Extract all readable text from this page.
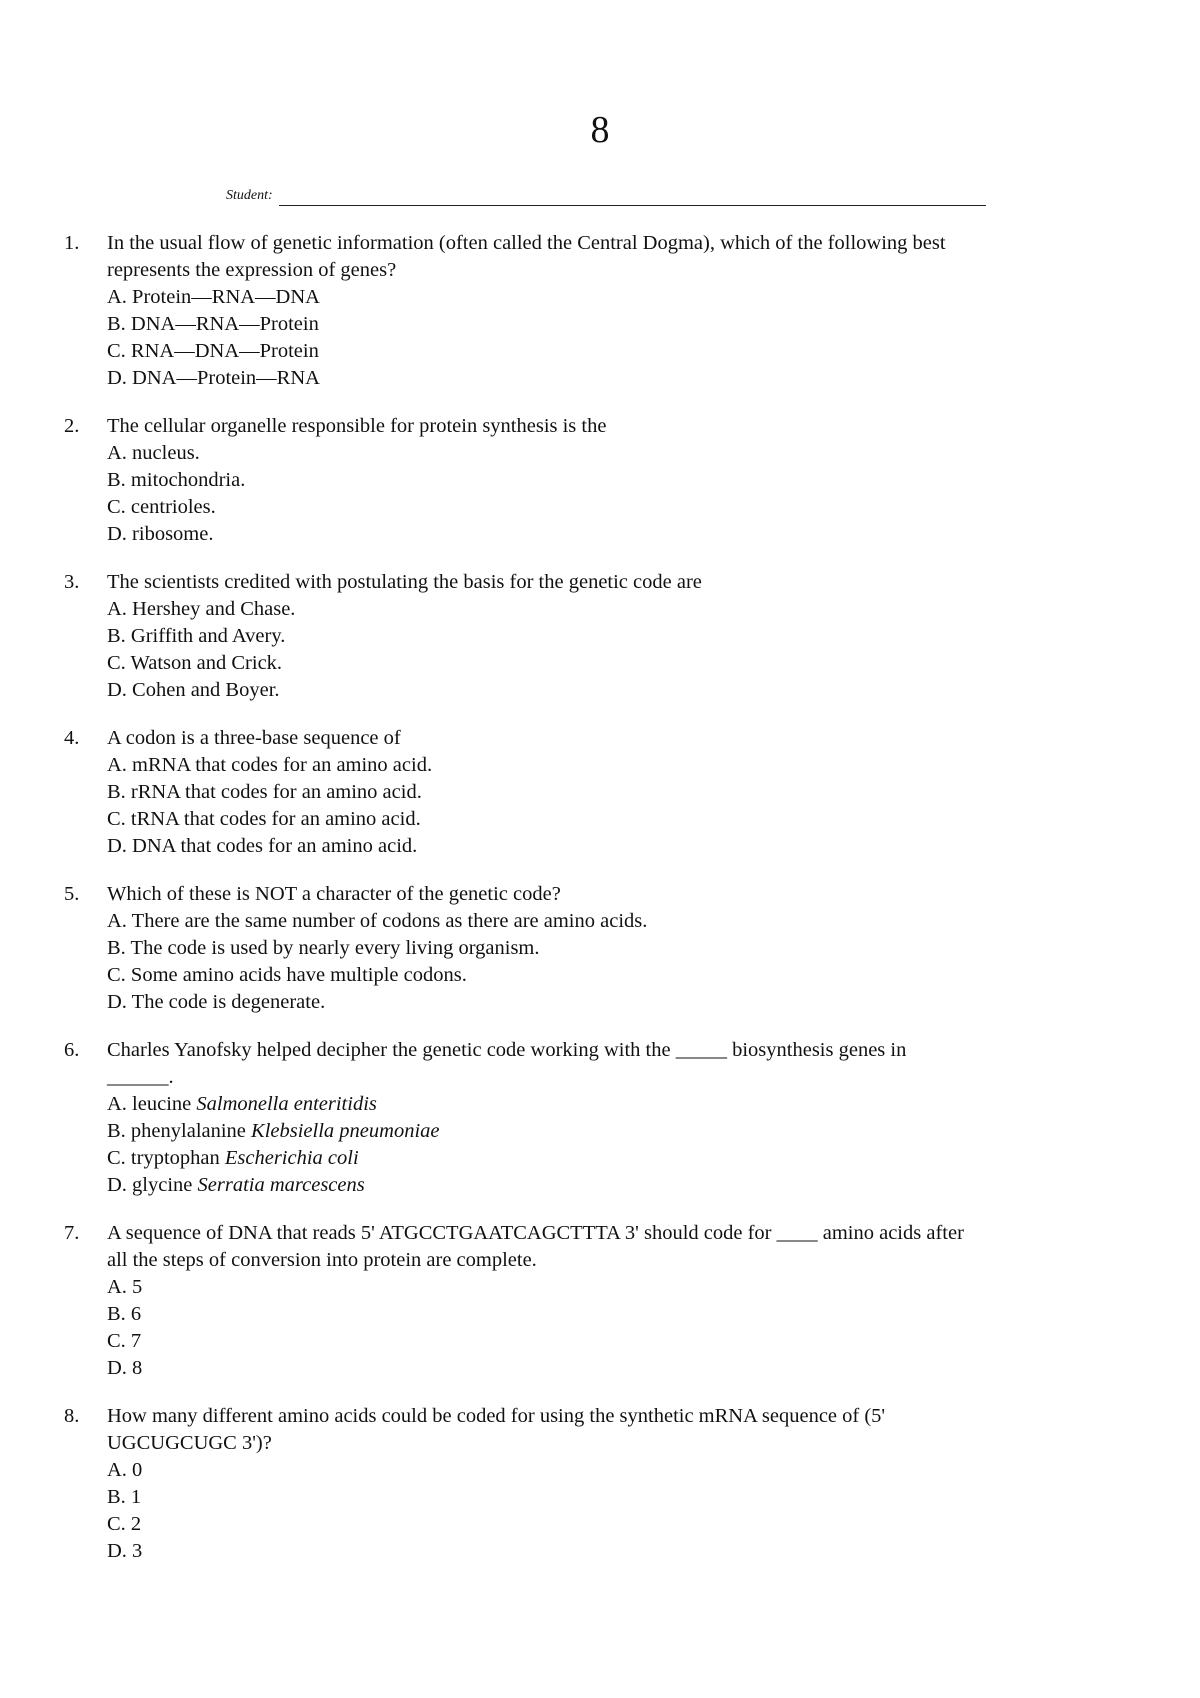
8
Student:
1.	In the usual flow of genetic information (often called the Central Dogma), which of the following best
represents the expression of genes?
A. Protein—RNA—DNA
B. DNA—RNA—Protein
C. RNA—DNA—Protein
D. DNA—Protein—RNA
2.	The cellular organelle responsible for protein synthesis is the
A. nucleus.
B. mitochondria.
C. centrioles.
D. ribosome.
3.	The scientists credited with postulating the basis for the genetic code are
A. Hershey and Chase.
B. Griffith and Avery.
C. Watson and Crick.
D. Cohen and Boyer.
4.	A codon is a three-base sequence of
A. mRNA that codes for an amino acid.
B. rRNA that codes for an amino acid.
C. tRNA that codes for an amino acid.
D. DNA that codes for an amino acid.
5.	Which of these is NOT a character of the genetic code?
A. There are the same number of codons as there are amino acids.
B. The code is used by nearly every living organism.
C. Some amino acids have multiple codons.
D. The code is degenerate.
6.	Charles Yanofsky helped decipher the genetic code working with the _____ biosynthesis genes in
______.
A. leucine Salmonella enteritidis
B. phenylalanine Klebsiella pneumoniae
C. tryptophan Escherichia coli
D. glycine Serratia marcescens
7.	A sequence of DNA that reads 5' ATGCCTGAATCAGCTTTA 3' should code for ____ amino acids after
all the steps of conversion into protein are complete.
A. 5
B. 6
C. 7
D. 8
8.	How many different amino acids could be coded for using the synthetic mRNA sequence of (5'
UGCUGCUGC 3')?
A. 0
B. 1
C. 2
D. 3
